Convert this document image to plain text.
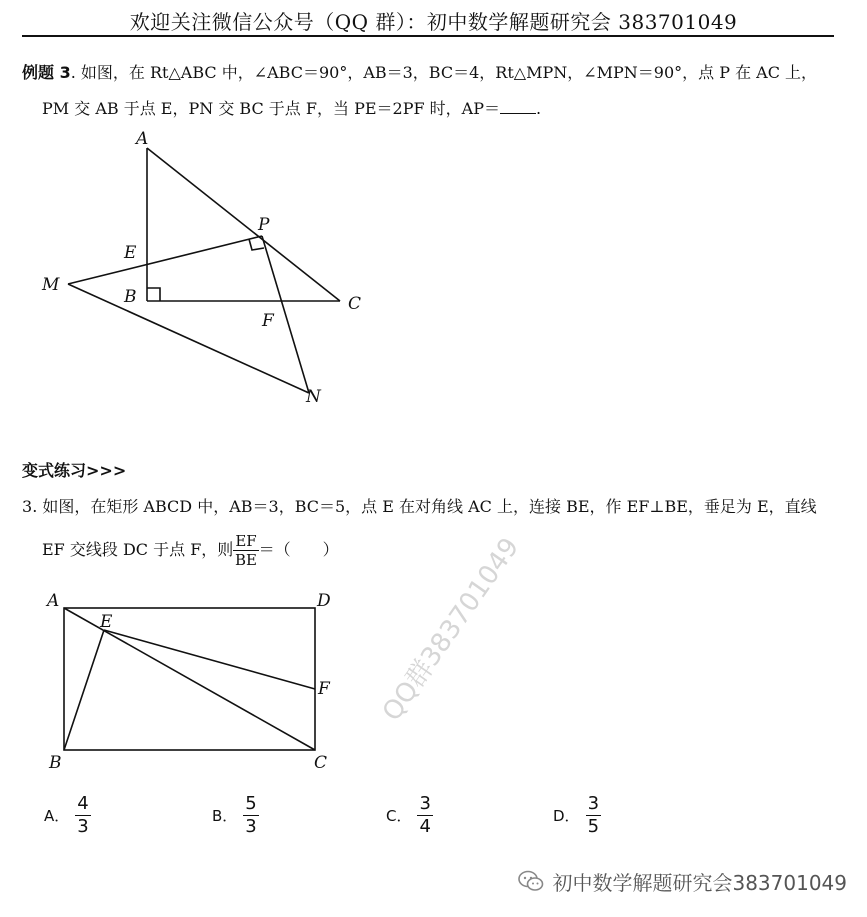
欢迎关注微信公众号（QQ 群）：初中数学解题研究会 383701049
例题 3. 如图，在 Rt△ABC 中，∠ABC＝90°，AB＝3，BC＝4，Rt△MPN，∠MPN＝90°，点 P 在 AC 上，
PM 交 AB 于点 E，PN 交 BC 于点 F，当 PE＝2PF 时，AP＝ .
A
P
E
M
B	C
F
N
变式练习>>>
3. 如图，在矩形 ABCD 中，AB＝3，BC＝5，点 E 在对角线 AC 上，连接 BE，作 EF⊥BE，垂足为 E，直线
EF 交线段 DC 于点 F，则 $\frac{EF}{BE}$ ＝（　　） QQ群383701049
A	D
E
F
B	C
A． $\frac{4}{3}$	B． $\frac{5}{3}$	C． $\frac{3}{4}$	D． $\frac{3}{5}$
初中数学解题研究会383701049
